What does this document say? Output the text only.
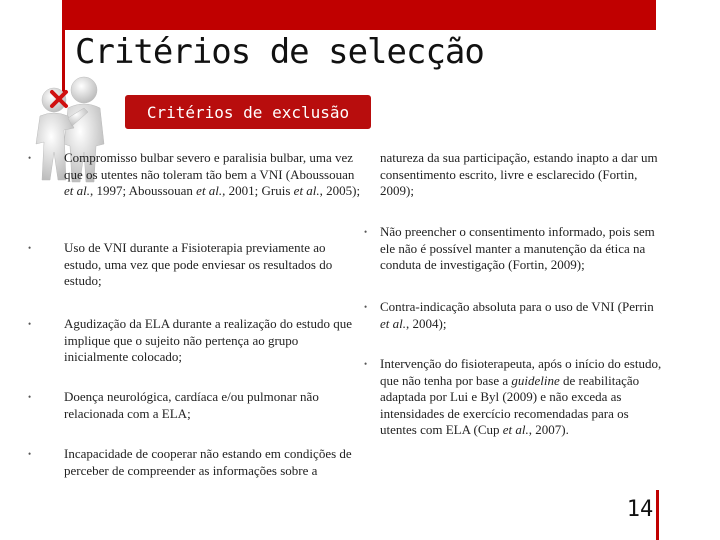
Critérios de selecção
Critérios de exclusão
•	Compromisso bulbar severo e paralisia bulbar, uma vez que os utentes não toleram tão bem a VNI (Aboussouan et al., 1997; Aboussouan et al., 2001; Gruis et al., 2005);
•	Uso de VNI durante a Fisioterapia previamente ao estudo, uma vez que pode enviesar os resultados do estudo;
•	Agudização da ELA durante a realização do estudo que implique que o sujeito não pertença ao grupo inicialmente colocado;
•	Doença neurológica, cardíaca e/ou pulmonar não relacionada com a ELA;
•	Incapacidade de cooperar não estando em condições de perceber de compreender as informações sobre a
natureza da sua participação, estando inapto a dar um consentimento escrito, livre e esclarecido (Fortin, 2009);
• Não preencher o consentimento informado, pois sem ele não é possível manter a manutenção da ética na conduta de investigação (Fortin, 2009);
• Contra-indicação absoluta para o uso de VNI (Perrin et al., 2004);
• Intervenção do fisioterapeuta, após o início do estudo, que não tenha por base a guideline de reabilitação adaptada por Lui e Byl (2009) e não exceda as intensidades de exercício recomendadas para os utentes com ELA (Cup et al., 2007).
14
